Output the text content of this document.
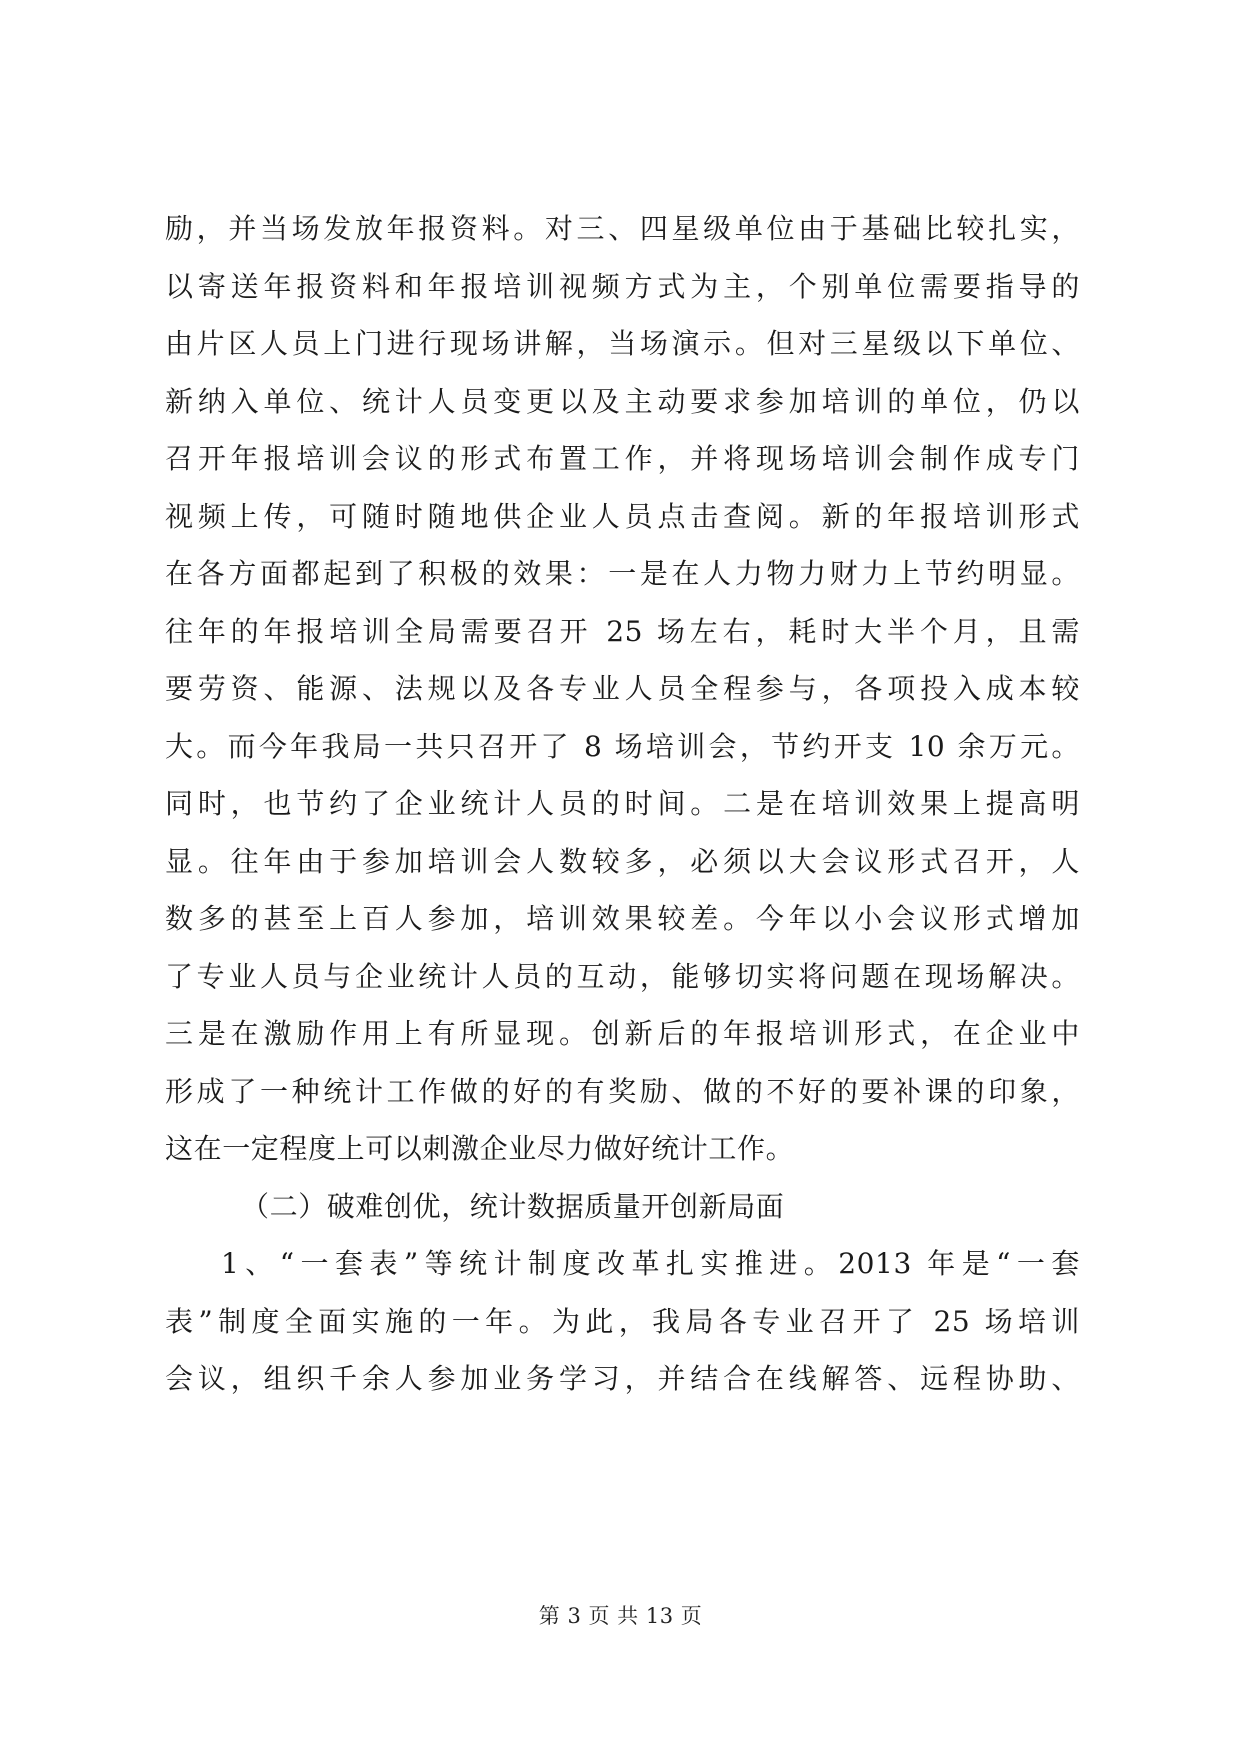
励，并当场发放年报资料。对三、四星级单位由于基础比较扎实，
以寄送年报资料和年报培训视频方式为主，个别单位需要指导的
由片区人员上门进行现场讲解，当场演示。但对三星级以下单位、
新纳入单位、统计人员变更以及主动要求参加培训的单位，仍以
召开年报培训会议的形式布置工作，并将现场培训会制作成专门
视频上传，可随时随地供企业人员点击查阅。新的年报培训形式
在各方面都起到了积极的效果：一是在人力物力财力上节约明显。
往年的年报培训全局需要召开 25 场左右，耗时大半个月，且需
要劳资、能源、法规以及各专业人员全程参与，各项投入成本较
大。而今年我局一共只召开了 8 场培训会，节约开支 10 余万元。
同时，也节约了企业统计人员的时间。二是在培训效果上提高明
显。往年由于参加培训会人数较多，必须以大会议形式召开，人
数多的甚至上百人参加，培训效果较差。今年以小会议形式增加
了专业人员与企业统计人员的互动，能够切实将问题在现场解决。
三是在激励作用上有所显现。创新后的年报培训形式，在企业中
形成了一种统计工作做的好的有奖励、做的不好的要补课的印象，
这在一定程度上可以刺激企业尽力做好统计工作。
（二）破难创优，统计数据质量开创新局面
1、“一套表”等统计制度改革扎实推进。2013 年是“一套
表”制度全面实施的一年。为此，我局各专业召开了 25 场培训
会议，组织千余人参加业务学习，并结合在线解答、远程协助、
第 3 页 共 13 页
